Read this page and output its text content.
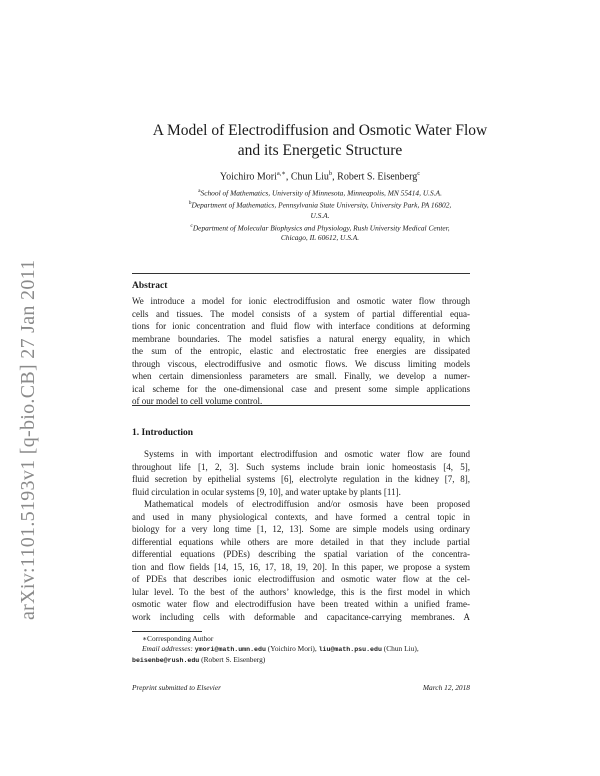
arXiv:1101.5193v1 [q-bio.CB] 27 Jan 2011
A Model of Electrodiffusion and Osmotic Water Flow
and its Energetic Structure
Yoichiro Mori$^{a,∗}$, Chun Liu$^b$, Robert S. Eisenberg$^c$
$^a$School of Mathematics, University of Minnesota, Minneapolis, MN 55414, U.S.A.
$^b$Department of Mathematics, Pennsylvania State University, University Park, PA 16802,
U.S.A.
$^c$Department of Molecular Biophysics and Physiology, Rush University Medical Center,
Chicago, IL 60612, U.S.A.
Abstract
We introduce a model for ionic electrodiffusion and osmotic water flow through
cells and tissues. The model consists of a system of partial differential equa-
tions for ionic concentration and fluid flow with interface conditions at deforming
membrane boundaries. The model satisfies a natural energy equality, in which
the sum of the entropic, elastic and electrostatic free energies are dissipated
through viscous, electrodiffusive and osmotic flows. We discuss limiting models
when certain dimensionless parameters are small. Finally, we develop a numer-
ical scheme for the one-dimensional case and present some simple applications
of our model to cell volume control.
1. Introduction
Systems in with important electrodiffusion and osmotic water flow are found
throughout life [1, 2, 3]. Such systems include brain ionic homeostasis [4, 5],
fluid secretion by epithelial systems [6], electrolyte regulation in the kidney [7, 8],
fluid circulation in ocular systems [9, 10], and water uptake by plants [11].
Mathematical models of electrodiffusion and/or osmosis have been proposed
and used in many physiological contexts, and have formed a central topic in
biology for a very long time [1, 12, 13]. Some are simple models using ordinary
differential equations while others are more detailed in that they include partial
differential equations (PDEs) describing the spatial variation of the concentra-
tion and flow fields [14, 15, 16, 17, 18, 19, 20]. In this paper, we propose a system
of PDEs that describes ionic electrodiffusion and osmotic water flow at the cel-
lular level. To the best of the authors’ knowledge, this is the first model in which
osmotic water flow and electrodiffusion have been treated within a unified frame-
work including cells with deformable and capacitance-carrying membranes. A
∗Corresponding Author
Email addresses: ymori@math.umn.edu (Yoichiro Mori), liu@math.psu.edu (Chun Liu),
beisenbe@rush.edu (Robert S. Eisenberg)
Preprint submitted to Elsevier	March 12, 2018
